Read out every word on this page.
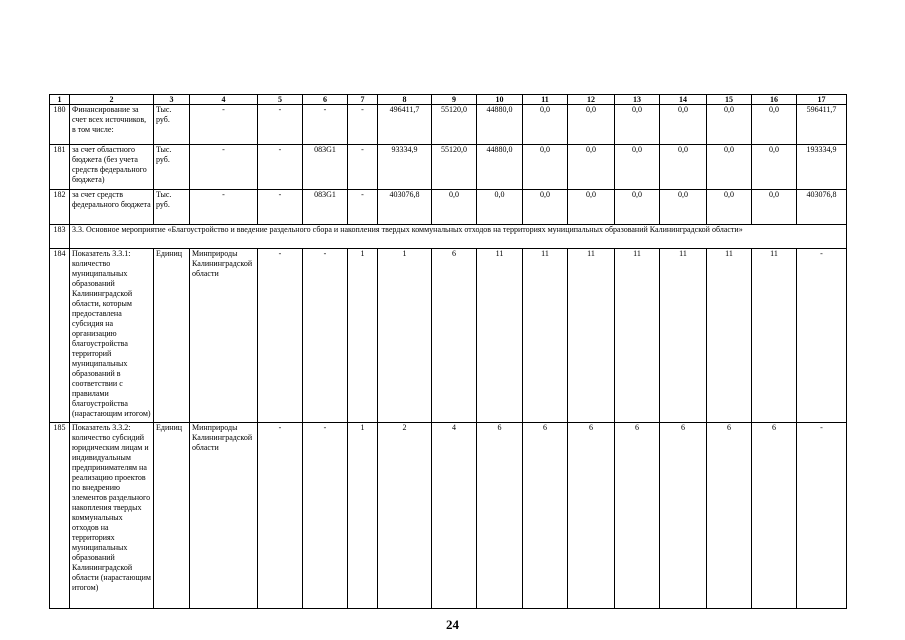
1	2	3	4	5	6	7	8	9	10	11	12	13	14	15	16	17
180	Финансирование за счет всех источников, в том числе:	Тыс. руб.	-	-	-	-	496411,7	55120,0	44880,0	0,0	0,0	0,0	0,0	0,0	0,0	596411,7
181	за счет областного бюджета (без учета средств федерального бюджета)	Тыс. руб.	-	-	083G1	-	93334,9	55120,0	44880,0	0,0	0,0	0,0	0,0	0,0	0,0	193334,9
182	за счет средств федерального бюджета	Тыс. руб.	-	-	083G1	-	403076,8	0,0	0,0	0,0	0,0	0,0	0,0	0,0	0,0	403076,8
183	3.3. Основное мероприятие «Благоустройство и введение раздельного сбора и накопления твердых коммунальных отходов на территориях муниципальных образований Калининградской области»															
184	Показатель 3.3.1: количество муниципальных образований Калининградской области, которым предоставлена субсидия на организацию благоустройства территорий муниципальных образований в соответствии с правилами благоустройства (нарастающим итогом)	Единиц	Минприроды Калининградской области	-	-	1	1	6	11	11	11	11	11	11	11	-
185	Показатель 3.3.2: количество субсидий юридическим лицам и индивидуальным предпринимателям на реализацию проектов по внедрению элементов раздельного накопления твердых коммунальных отходов на территориях муниципальных образований Калининградской области (нарастающим итогом)	Единиц	Минприроды Калининградской области	-	-	1	2	4	6	6	6	6	6	6	6	-
24
